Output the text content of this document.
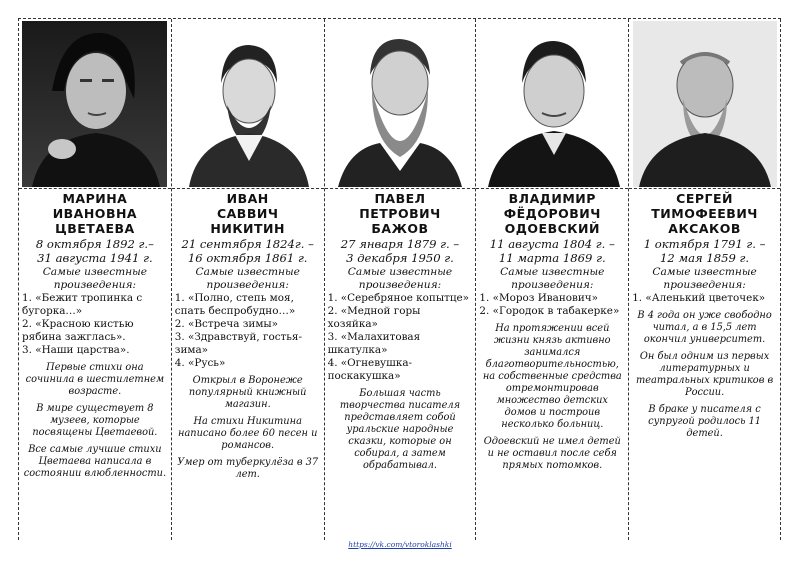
МАРИНА
ИВАНОВНА
ЦВЕТАЕВА
8 октября 1892 г.–
31 августа 1941 г.
Самые известные произведения:
1. «Бежит тропинка с бугорка…»
2. «Красною кистью рябина зажглась».
3. «Наши царства».

Первые стихи она сочинила в шестилетнем возрасте.

В мире существует 8 музеев, которые посвящены Цветаевой.

Все самые лучшие стихи Цветаева написала в состоянии влюбленности.

ИВАН
САВВИЧ
НИКИТИН
21 сентября 1824г. –
16 октября 1861 г.
Самые известные произведения:
1. «Полно, степь моя, спать беспробудно…»
2. «Встреча зимы»
3. «Здравствуй, гостья-зима»
4. «Русь»

Открыл в Воронеже популярный книжный магазин.

На стихи Никитина написано более 60 песен и романсов.

Умер от туберкулёза в 37 лет.

ПАВЕЛ
ПЕТРОВИЧ
БАЖОВ
27 января 1879 г. –
3 декабря 1950 г.
Самые известные произведения:
1. «Серебряное копытце»
2. «Медной горы хозяйка»
3. «Малахитовая шкатулка»
4. «Огневушка-поскакушка»

Большая часть творчества писателя представляет собой уральские народные сказки, которые он собирал, а затем обрабатывал.

ВЛАДИМИР
ФЁДОРОВИЧ
ОДОЕВСКИЙ
11 августа 1804 г. –
11 марта 1869 г.
Самые известные произведения:
1. «Мороз Иванович»
2. «Городок в табакерке»

На протяжении всей жизни князь активно занимался благотворительностью, на собственные средства отремонтировав множество детских домов и построив несколько больниц.

Одоевский не имел детей и не оставил после себя прямых потомков.

СЕРГЕЙ
ТИМОФЕЕВИЧ
АКСАКОВ
1 октября 1791 г. –
12 мая 1859 г.
Самые известные произведения:
1. «Аленький цветочек»

В 4 года он уже свободно читал, а в 15,5 лет окончил университет.

Он был одним из первых литературных и театральных критиков в России.

В браке у писателя с супругой родилось 11 детей.

https://vk.com/vtoroklashki
